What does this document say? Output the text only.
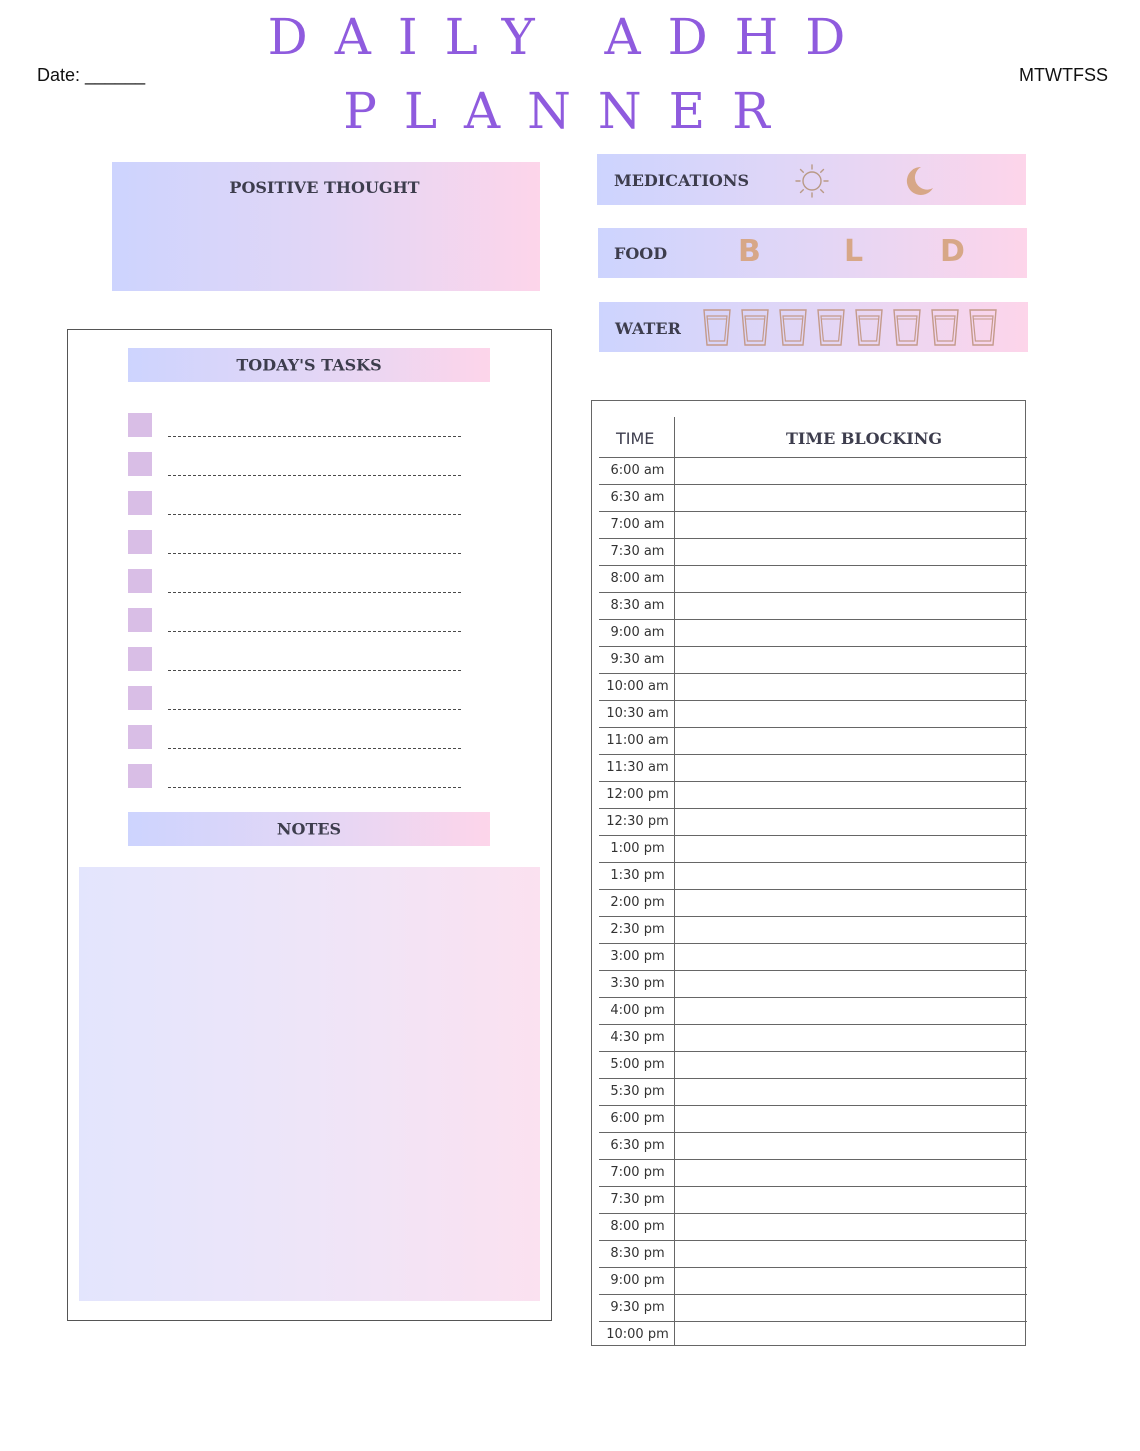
DAILY ADHD
PLANNER
Date: ______	MTWTFSS
POSITIVE THOUGHT	MEDICATIONS
FOOD B	L	D
WATER
TODAY'S TASKS
NOTES
TIME	TIME BLOCKING
6:00 am
6:30 am
7:00 am
7:30 am
8:00 am
8:30 am
9:00 am
9:30 am
10:00 am
10:30 am
11:00 am
11:30 am
12:00 pm
12:30 pm
1:00 pm
1:30 pm
2:00 pm
2:30 pm
3:00 pm
3:30 pm
4:00 pm
4:30 pm
5:00 pm
5:30 pm
6:00 pm
6:30 pm
7:00 pm
7:30 pm
8:00 pm
8:30 pm
9:00 pm
9:30 pm
10:00 pm
